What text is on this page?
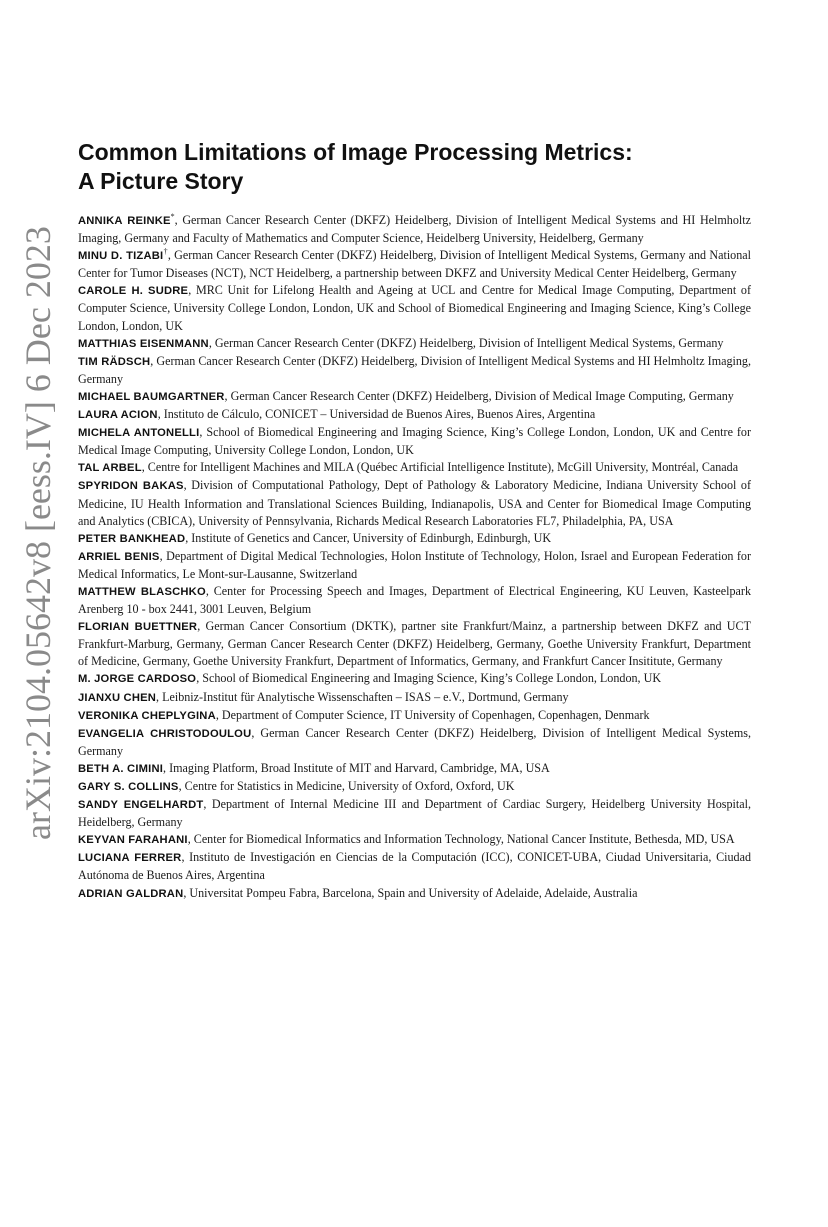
arXiv:2104.05642v8 [eess.IV] 6 Dec 2023
Common Limitations of Image Processing Metrics:
A Picture Story

ANNIKA REINKE*, German Cancer Research Center (DKFZ) Heidelberg, Division of Intelligent Medical Systems and HI Helmholtz Imaging, Germany and Faculty of Mathematics and Computer Science, Heidelberg University, Heidelberg, Germany

MINU D. TIZABI†, German Cancer Research Center (DKFZ) Heidelberg, Division of Intelligent Medical Systems, Germany and National Center for Tumor Diseases (NCT), NCT Heidelberg, a partnership between DKFZ and University Medical Center Heidelberg, Germany

CAROLE H. SUDRE, MRC Unit for Lifelong Health and Ageing at UCL and Centre for Medical Image Computing, Department of Computer Science, University College London, London, UK and School of Biomedical Engineering and Imaging Science, King’s College London, London, UK

MATTHIAS EISENMANN, German Cancer Research Center (DKFZ) Heidelberg, Division of Intelligent Medical Systems, Germany

TIM RÄDSCH, German Cancer Research Center (DKFZ) Heidelberg, Division of Intelligent Medical Systems and HI Helmholtz Imaging, Germany

MICHAEL BAUMGARTNER, German Cancer Research Center (DKFZ) Heidelberg, Division of Medical Image Computing, Germany

LAURA ACION, Instituto de Cálculo, CONICET – Universidad de Buenos Aires, Buenos Aires, Argentina

MICHELA ANTONELLI, School of Biomedical Engineering and Imaging Science, King’s College London, London, UK and Centre for Medical Image Computing, University College London, London, UK

TAL ARBEL, Centre for Intelligent Machines and MILA (Québec Artificial Intelligence Institute), McGill University, Montréal, Canada

SPYRIDON BAKAS, Division of Computational Pathology, Dept of Pathology & Laboratory Medicine, Indiana University School of Medicine, IU Health Information and Translational Sciences Building, Indianapolis, USA and Center for Biomedical Image Computing and Analytics (CBICA), University of Pennsylvania, Richards Medical Research Laboratories FL7, Philadelphia, PA, USA

PETER BANKHEAD, Institute of Genetics and Cancer, University of Edinburgh, Edinburgh, UK

ARRIEL BENIS, Department of Digital Medical Technologies, Holon Institute of Technology, Holon, Israel and European Federation for Medical Informatics, Le Mont-sur-Lausanne, Switzerland

MATTHEW BLASCHKO, Center for Processing Speech and Images, Department of Electrical Engineering, KU Leuven, Kasteelpark Arenberg 10 - box 2441, 3001 Leuven, Belgium

FLORIAN BUETTNER, German Cancer Consortium (DKTK), partner site Frankfurt/Mainz, a partnership between DKFZ and UCT Frankfurt-Marburg, Germany, German Cancer Research Center (DKFZ) Heidelberg, Germany, Goethe University Frankfurt, Department of Medicine, Germany, Goethe University Frankfurt, Department of Informatics, Germany, and Frankfurt Cancer Insititute, Germany

M. JORGE CARDOSO, School of Biomedical Engineering and Imaging Science, King’s College London, London, UK

JIANXU CHEN, Leibniz-Institut für Analytische Wissenschaften – ISAS – e.V., Dortmund, Germany

VERONIKA CHEPLYGINA, Department of Computer Science, IT University of Copenhagen, Copenhagen, Denmark

EVANGELIA CHRISTODOULOU, German Cancer Research Center (DKFZ) Heidelberg, Division of Intelligent Medical Systems, Germany

BETH A. CIMINI, Imaging Platform, Broad Institute of MIT and Harvard, Cambridge, MA, USA

GARY S. COLLINS, Centre for Statistics in Medicine, University of Oxford, Oxford, UK

SANDY ENGELHARDT, Department of Internal Medicine III and Department of Cardiac Surgery, Heidelberg University Hospital, Heidelberg, Germany

KEYVAN FARAHANI, Center for Biomedical Informatics and Information Technology, National Cancer Institute, Bethesda, MD, USA

LUCIANA FERRER, Instituto de Investigación en Ciencias de la Computación (ICC), CONICET-UBA, Ciudad Universitaria, Ciudad Autónoma de Buenos Aires, Argentina

ADRIAN GALDRAN, Universitat Pompeu Fabra, Barcelona, Spain and University of Adelaide, Adelaide, Australia
